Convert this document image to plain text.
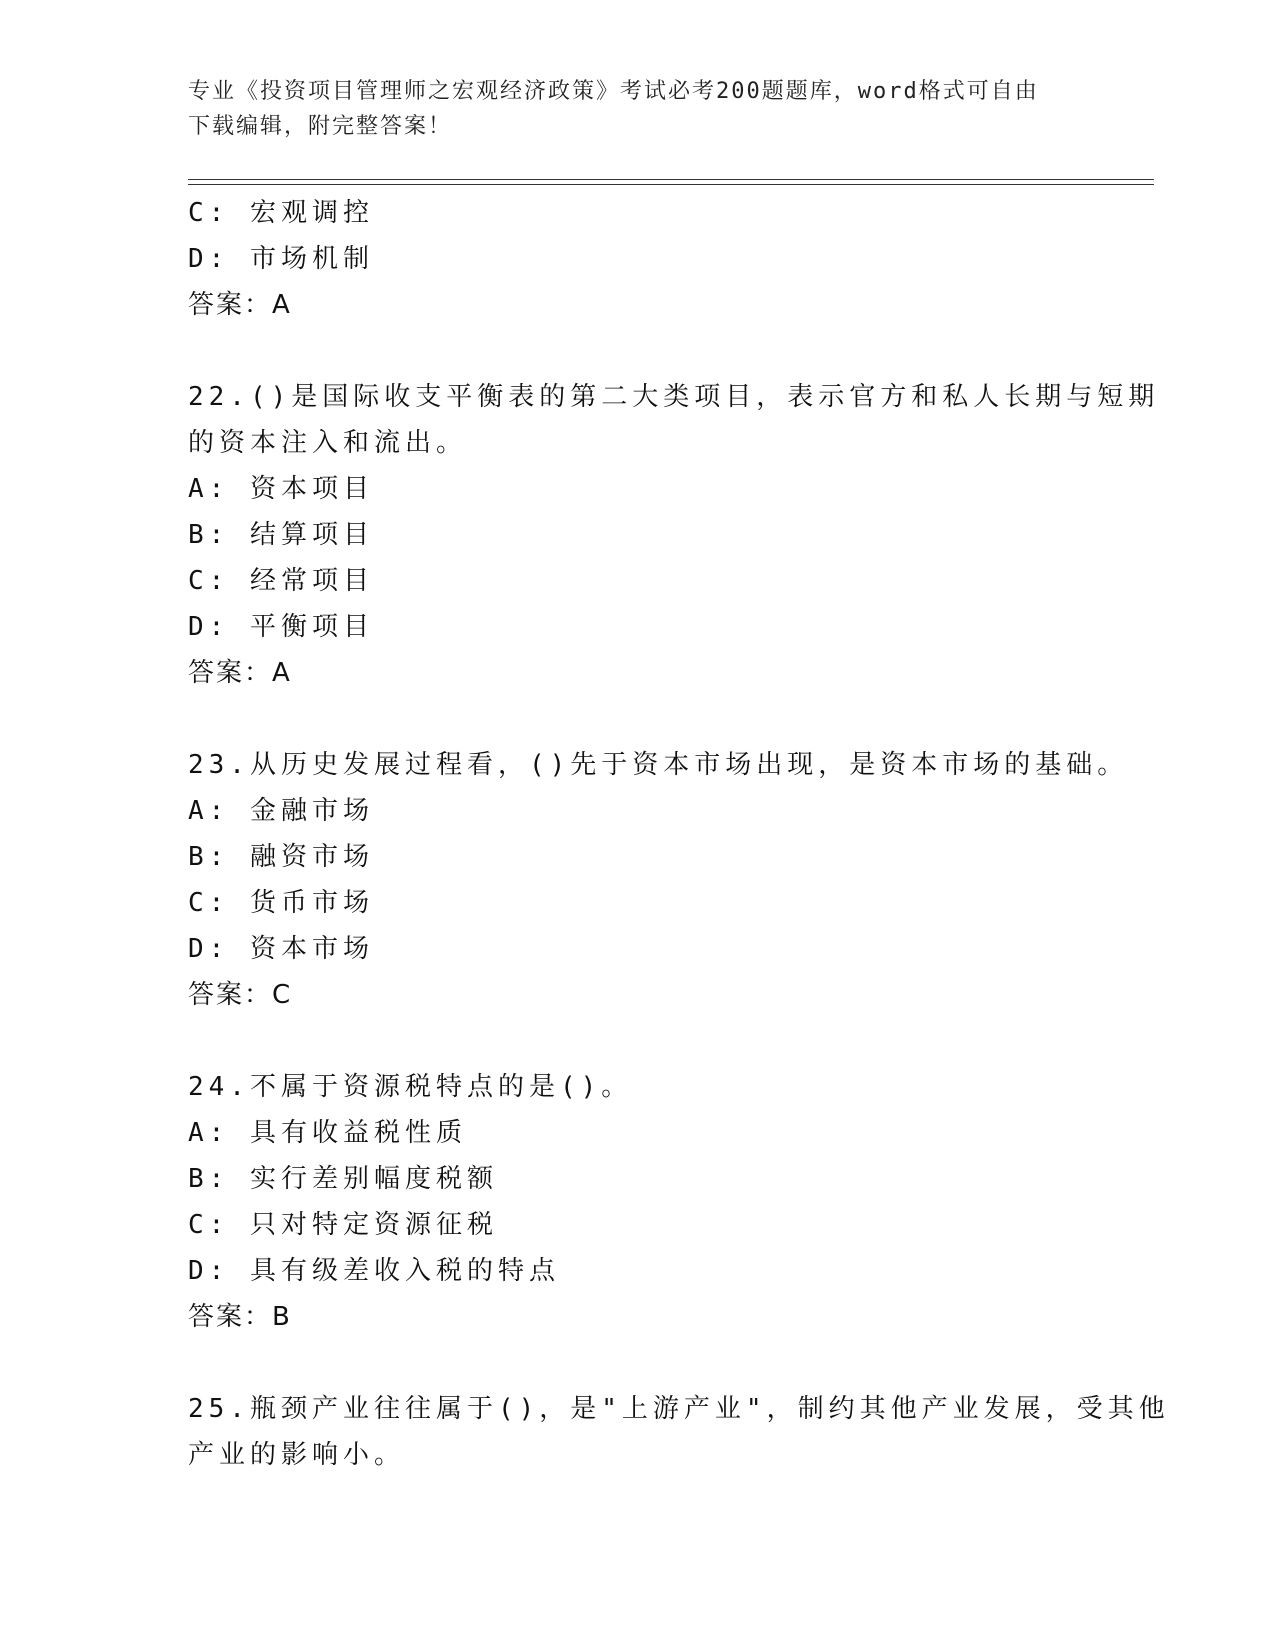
专业《投资项目管理师之宏观经济政策》考试必考200题题库，word格式可自由
下载编辑，附完整答案！
C: 宏观调控
D: 市场机制
答案：A
22.()是国际收支平衡表的第二大类项目，表示官方和私人长期与短期
的资本注入和流出。
A: 资本项目
B: 结算项目
C: 经常项目
D: 平衡项目
答案：A
23.从历史发展过程看，()先于资本市场出现，是资本市场的基础。
A: 金融市场
B: 融资市场
C: 货币市场
D: 资本市场
答案：C
24.不属于资源税特点的是()。
A: 具有收益税性质
B: 实行差别幅度税额
C: 只对特定资源征税
D: 具有级差收入税的特点
答案：B
25.瓶颈产业往往属于()，是"上游产业"，制约其他产业发展，受其他
产业的影响小。
